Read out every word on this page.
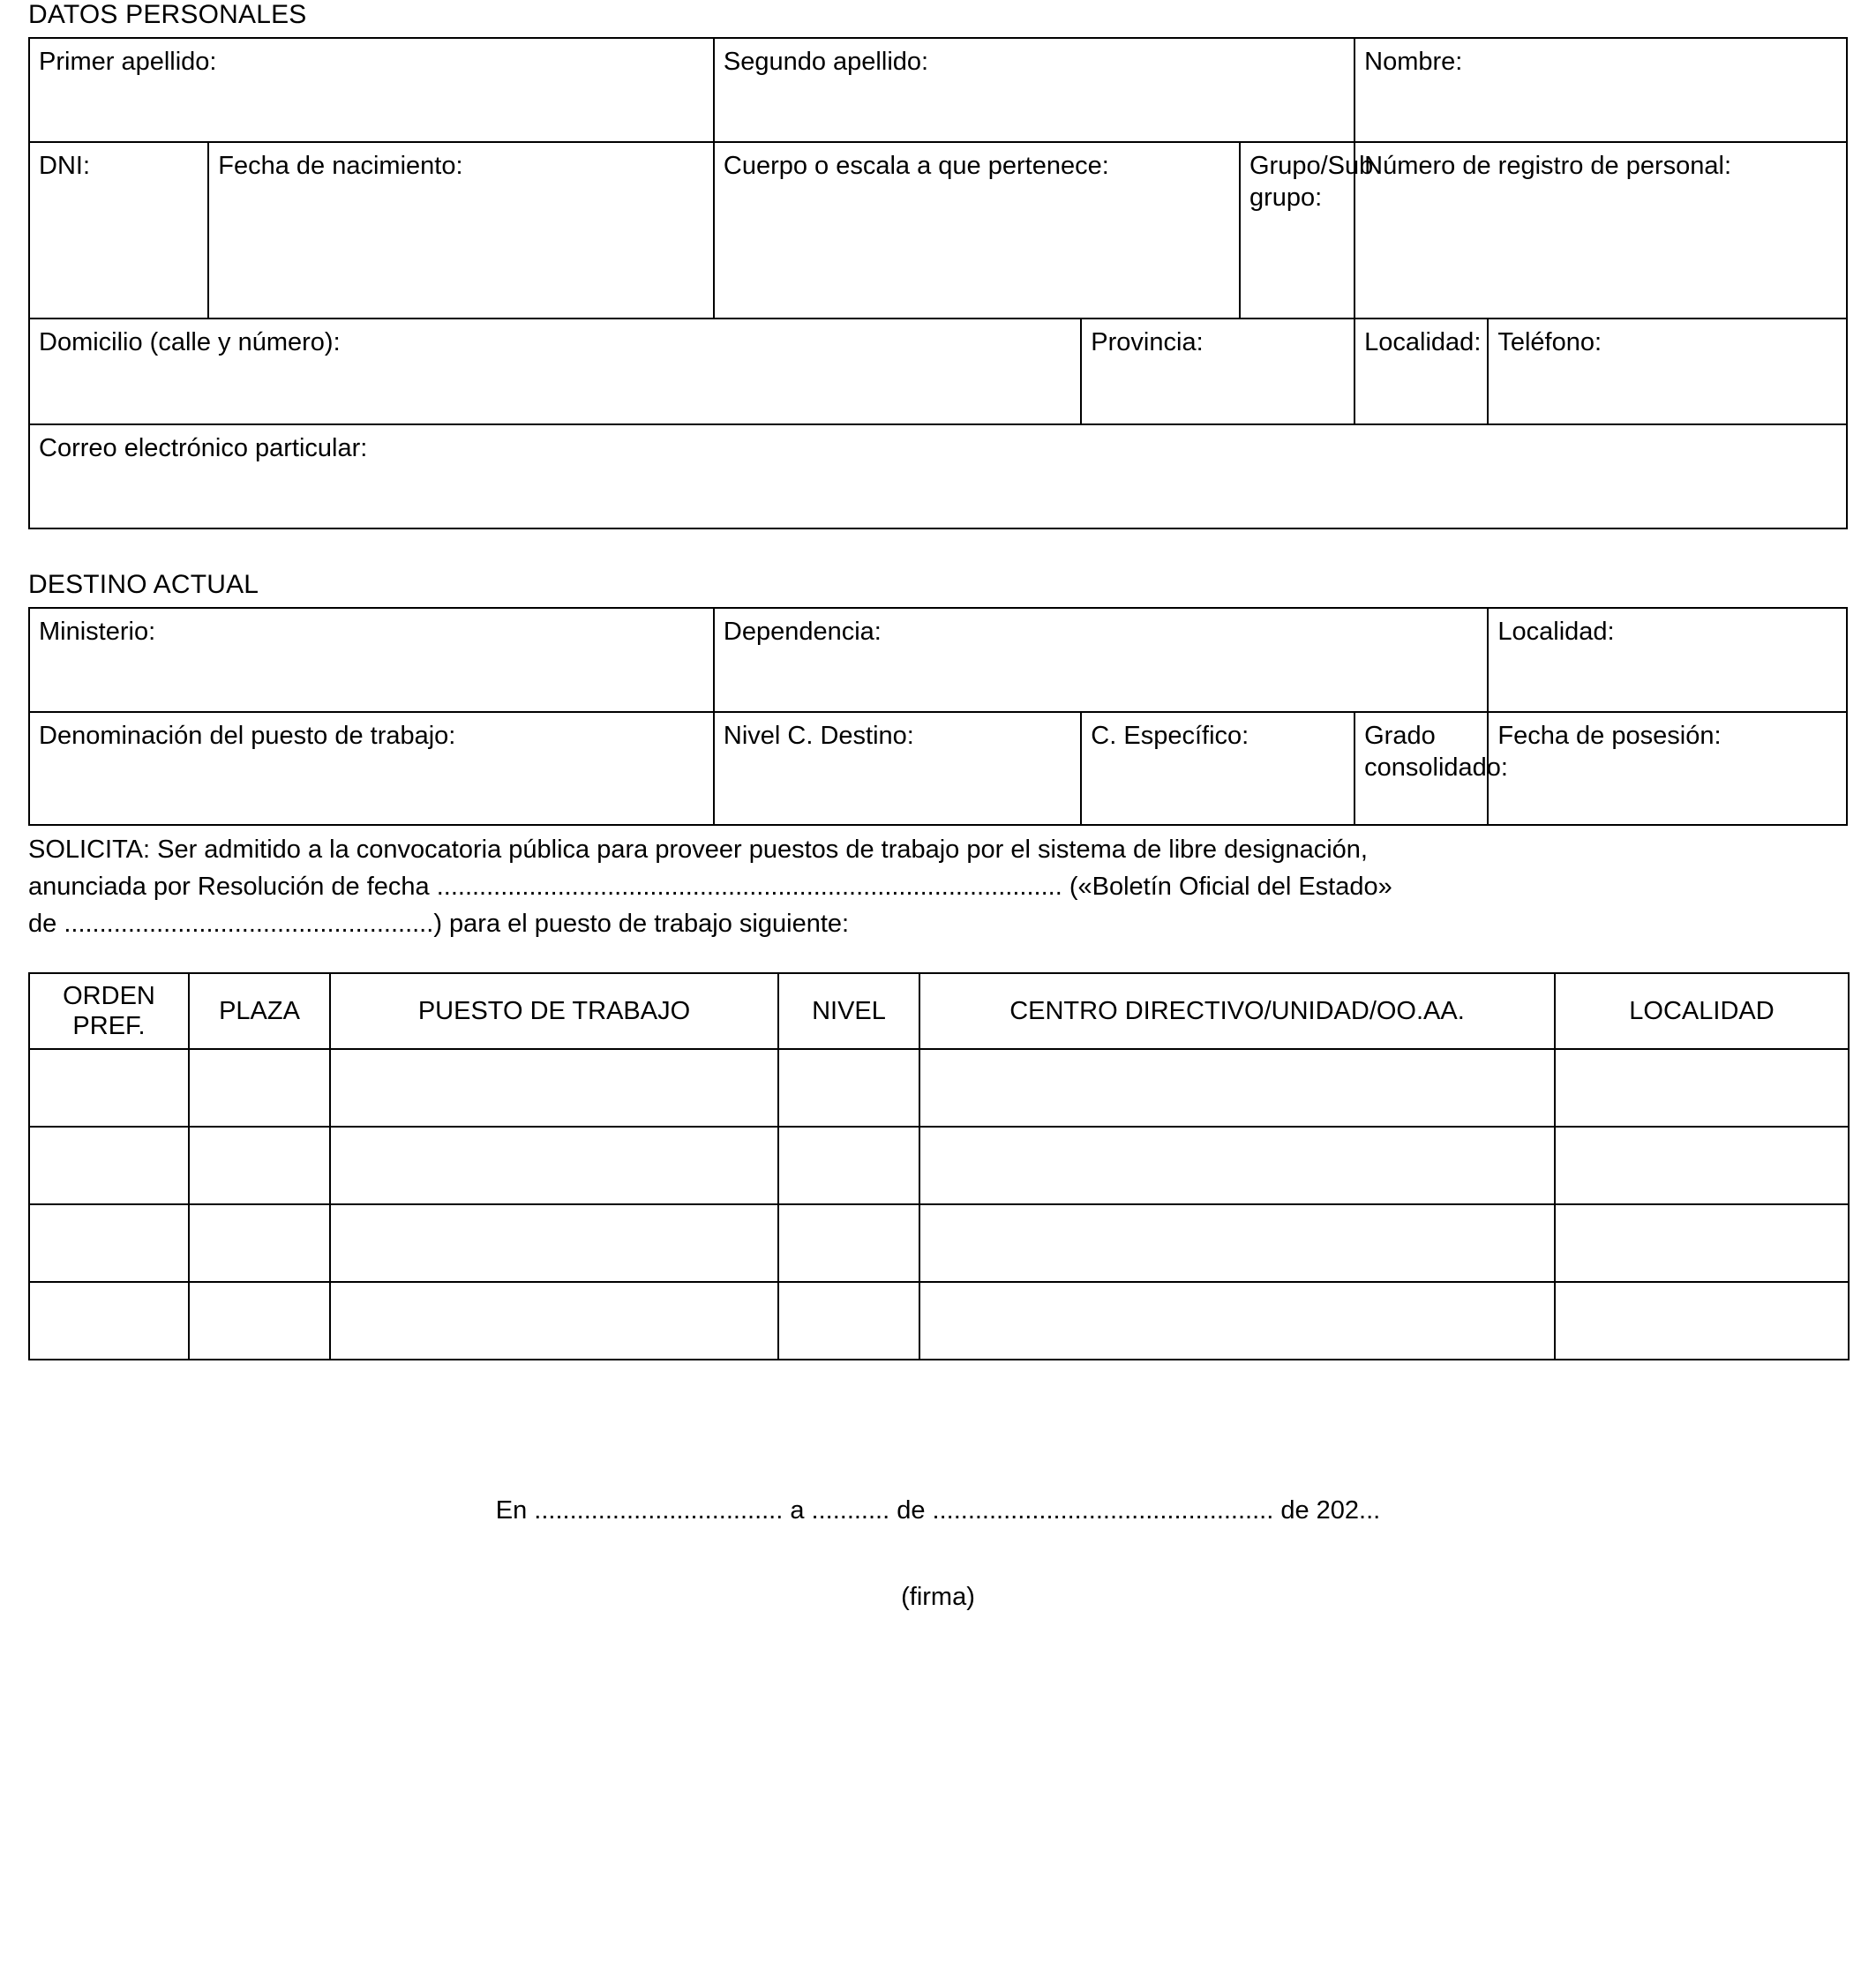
DATOS PERSONALES
Primer apellido:		Segundo apellido:			Nombre:	

DNI:	Fecha de nacimiento:	Cuerpo o escala a que pertenece:		Grupo/Sub grupo:	Número de registro de personal:	

Domicilio (calle y número):			Provincia:		Localidad:	Teléfono:

Correo electrónico particular:						
DESTINO ACTUAL
Ministerio:	Dependencia:			Localidad:

Denominación del puesto de trabajo:	Nivel C. Destino:	C. Específico:	Grado consolidado:	Fecha de posesión:
SOLICITA: Ser admitido a la convocatoria pública para proveer puestos de trabajo por el sistema de libre designación,
anunciada por Resolución de fecha ........................................................................................ («Boletín Oficial del Estado»
de ....................................................) para el puesto de trabajo siguiente:
ORDEN PREF.	PLAZA	PUESTO DE TRABAJO	NIVEL	CENTRO DIRECTIVO/UNIDAD/OO.AA.	LOCALIDAD

En ................................... a ........... de ................................................ de 202...
(firma)
